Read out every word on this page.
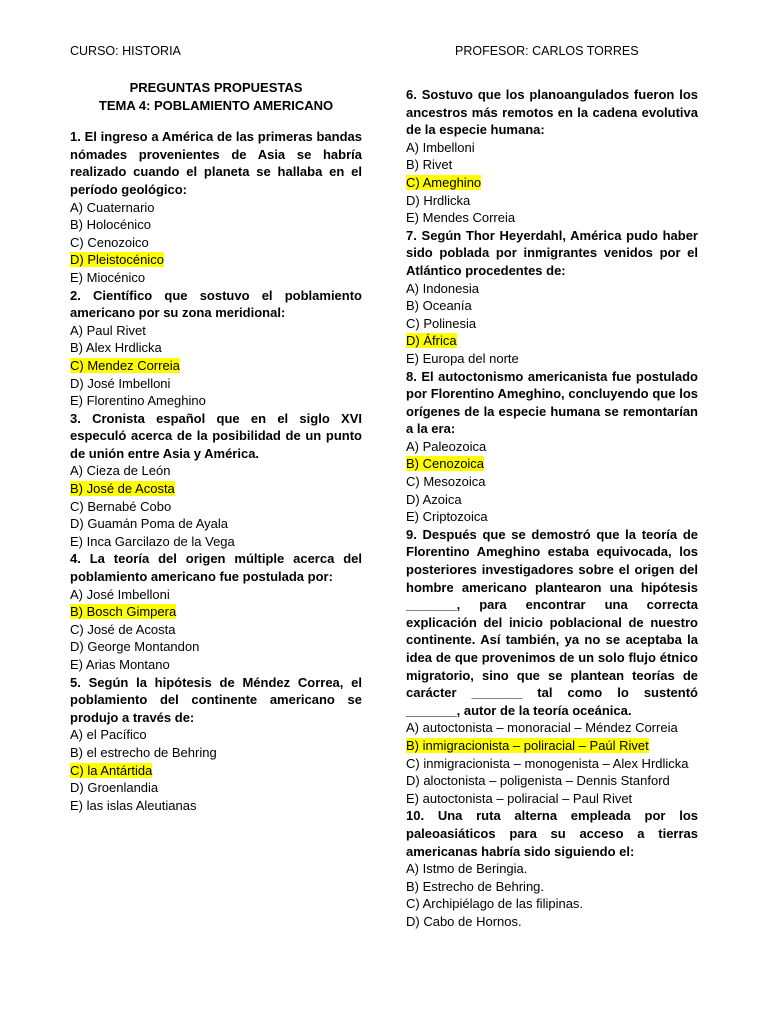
CURSO: HISTORIA	PROFESOR: CARLOS TORRES
PREGUNTAS PROPUESTAS
TEMA 4: POBLAMIENTO AMERICANO
1. El ingreso a América de las primeras bandas nómades provenientes de Asia se habría realizado cuando el planeta se hallaba en el período geológico:
A) Cuaternario
B) Holocénico
C) Cenozoico
D) Pleistocénico
E) Miocénico
2. Científico que sostuvo el poblamiento americano por su zona meridional:
A) Paul Rivet
B) Alex Hrdlicka
C) Mendez Correia
D) José Imbelloni
E) Florentino Ameghino
3. Cronista español que en el siglo XVI especuló acerca de la posibilidad de un punto de unión entre Asia y América.
A) Cieza de León
B) José de Acosta
C) Bernabé Cobo
D) Guamán Poma de Ayala
E) Inca Garcilazo de la Vega
4. La teoría del origen múltiple acerca del poblamiento americano fue postulada por:
A) José Imbelloni
B) Bosch Gimpera
C) José de Acosta
D) George Montandon
E) Arias Montano
5. Según la hipótesis de Méndez Correa, el poblamiento del continente americano se produjo a través de:
A) el Pacífico
B) el estrecho de Behring
C) la Antártida
D) Groenlandia
E) las islas Aleutianas
6. Sostuvo que los planoangulados fueron los ancestros más remotos en la cadena evolutiva de la especie humana:
A) Imbelloni
B) Rivet
C) Ameghino
D) Hrdlicka
E) Mendes Correia
7. Según Thor Heyerdahl, América pudo haber sido poblada por inmigrantes venidos por el Atlántico procedentes de:
A) Indonesia
B) Oceanía
C) Polinesia
D) África
E) Europa del norte
8. El autoctonismo americanista fue postulado por Florentino Ameghino, concluyendo que los orígenes de la especie humana se remontarían a la era:
A) Paleozoica
B) Cenozoica
C) Mesozoica
D) Azoica
E) Criptozoica
9. Después que se demostró que la teoría de Florentino Ameghino estaba equivocada, los posteriores investigadores sobre el origen del hombre americano plantearon una hipótesis _______, para encontrar una correcta explicación del inicio poblacional de nuestro continente. Así también, ya no se aceptaba la idea de que provenimos de un solo flujo étnico migratorio, sino que se plantean teorías de carácter _______ tal como lo sustentó _______, autor de la teoría oceánica.
A) autoctonista – monoracial – Méndez Correia
B) inmigracionista – poliracial – Paúl Rivet
C) inmigracionista – monogenista – Alex Hrdlicka
D) aloctonista – poligenista – Dennis Stanford
E) autoctonista – poliracial – Paul Rivet
10. Una ruta alterna empleada por los paleoasiáticos para su acceso a tierras americanas habría sido siguiendo el:
A) Istmo de Beringia.
B) Estrecho de Behring.
C) Archipiélago de las filipinas.
D) Cabo de Hornos.
